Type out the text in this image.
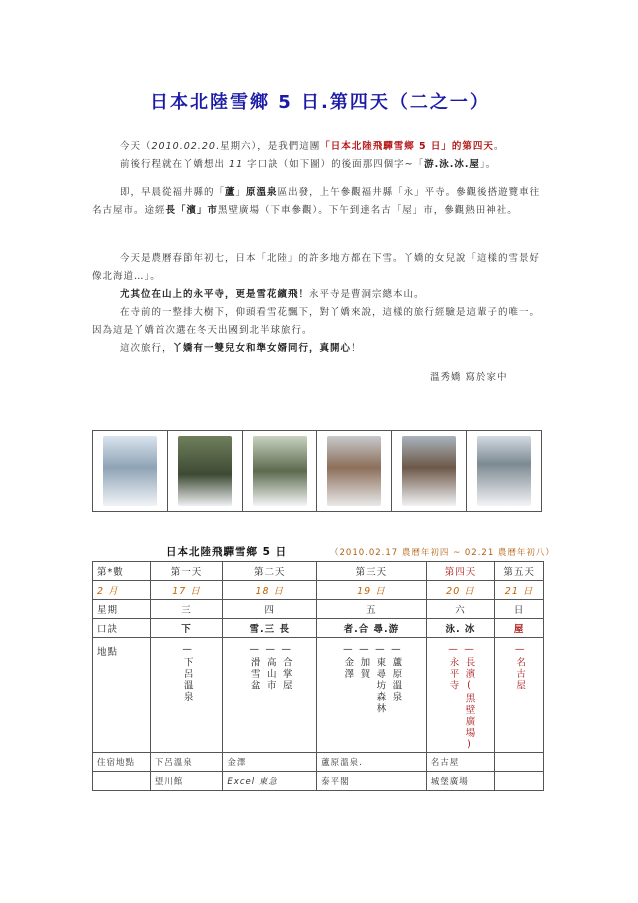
日本北陸雪鄉 5 日.第四天（二之一）
今天（2010.02.20.星期六），是我們這團「日本北陸飛驒雪鄉 5 日」的第四天。
前後行程就在丫嬌想出 11 字口訣（如下圖）的後面那四個字~「游.泳.冰.屋」。
即，早晨從福井縣的「蘆」原溫泉區出發，上午參觀福井縣「永」平寺。參觀後搭遊覽車往名古屋市。途經長「濱」市黑壁廣場（下車參觀）。下午到達名古「屋」市，參觀熱田神社。
今天是農曆春節年初七，日本「北陸」的許多地方都在下雪。丫嬌的女兒說「這樣的雪景好像北海道…」。
尤其位在山上的永平寺，更是雪花繽飛！永平寺是曹洞宗總本山。
在寺前的一整排大樹下，仰頭看雪花飄下，對丫嬌來說，這樣的旅行經驗是這輩子的唯一。因為這是丫嬌首次選在冬天出國到北半球旅行。
這次旅行，丫嬌有一雙兒女和準女婿同行，真開心！
溫秀嬌 寫於家中
日本北陸飛驒雪鄉 5 日	（2010.02.17 農曆年初四 ~ 02.21 農曆年初八）
第*數	第一天	第二天	第三天	第四天	第五天
2 月	17 日	18 日	19 日	20 日	21 日
星期	三	四	五	六	日
口訣	下	雪.三 長	者.合 尋.游	泳. 冰	屋
地點	—下呂溫泉	—滑雪盆 —高山市 —合掌屋	—金澤 —加賀 —東尋坊森林 —蘆原溫泉	—永平寺 —長濱(黑壁廣場)	—名古屋

住宿地點	下呂溫泉	金澤	蘆原溫泉.	名古屋	
	望川館	Excel 東急	泰平閣	城堡廣場	
